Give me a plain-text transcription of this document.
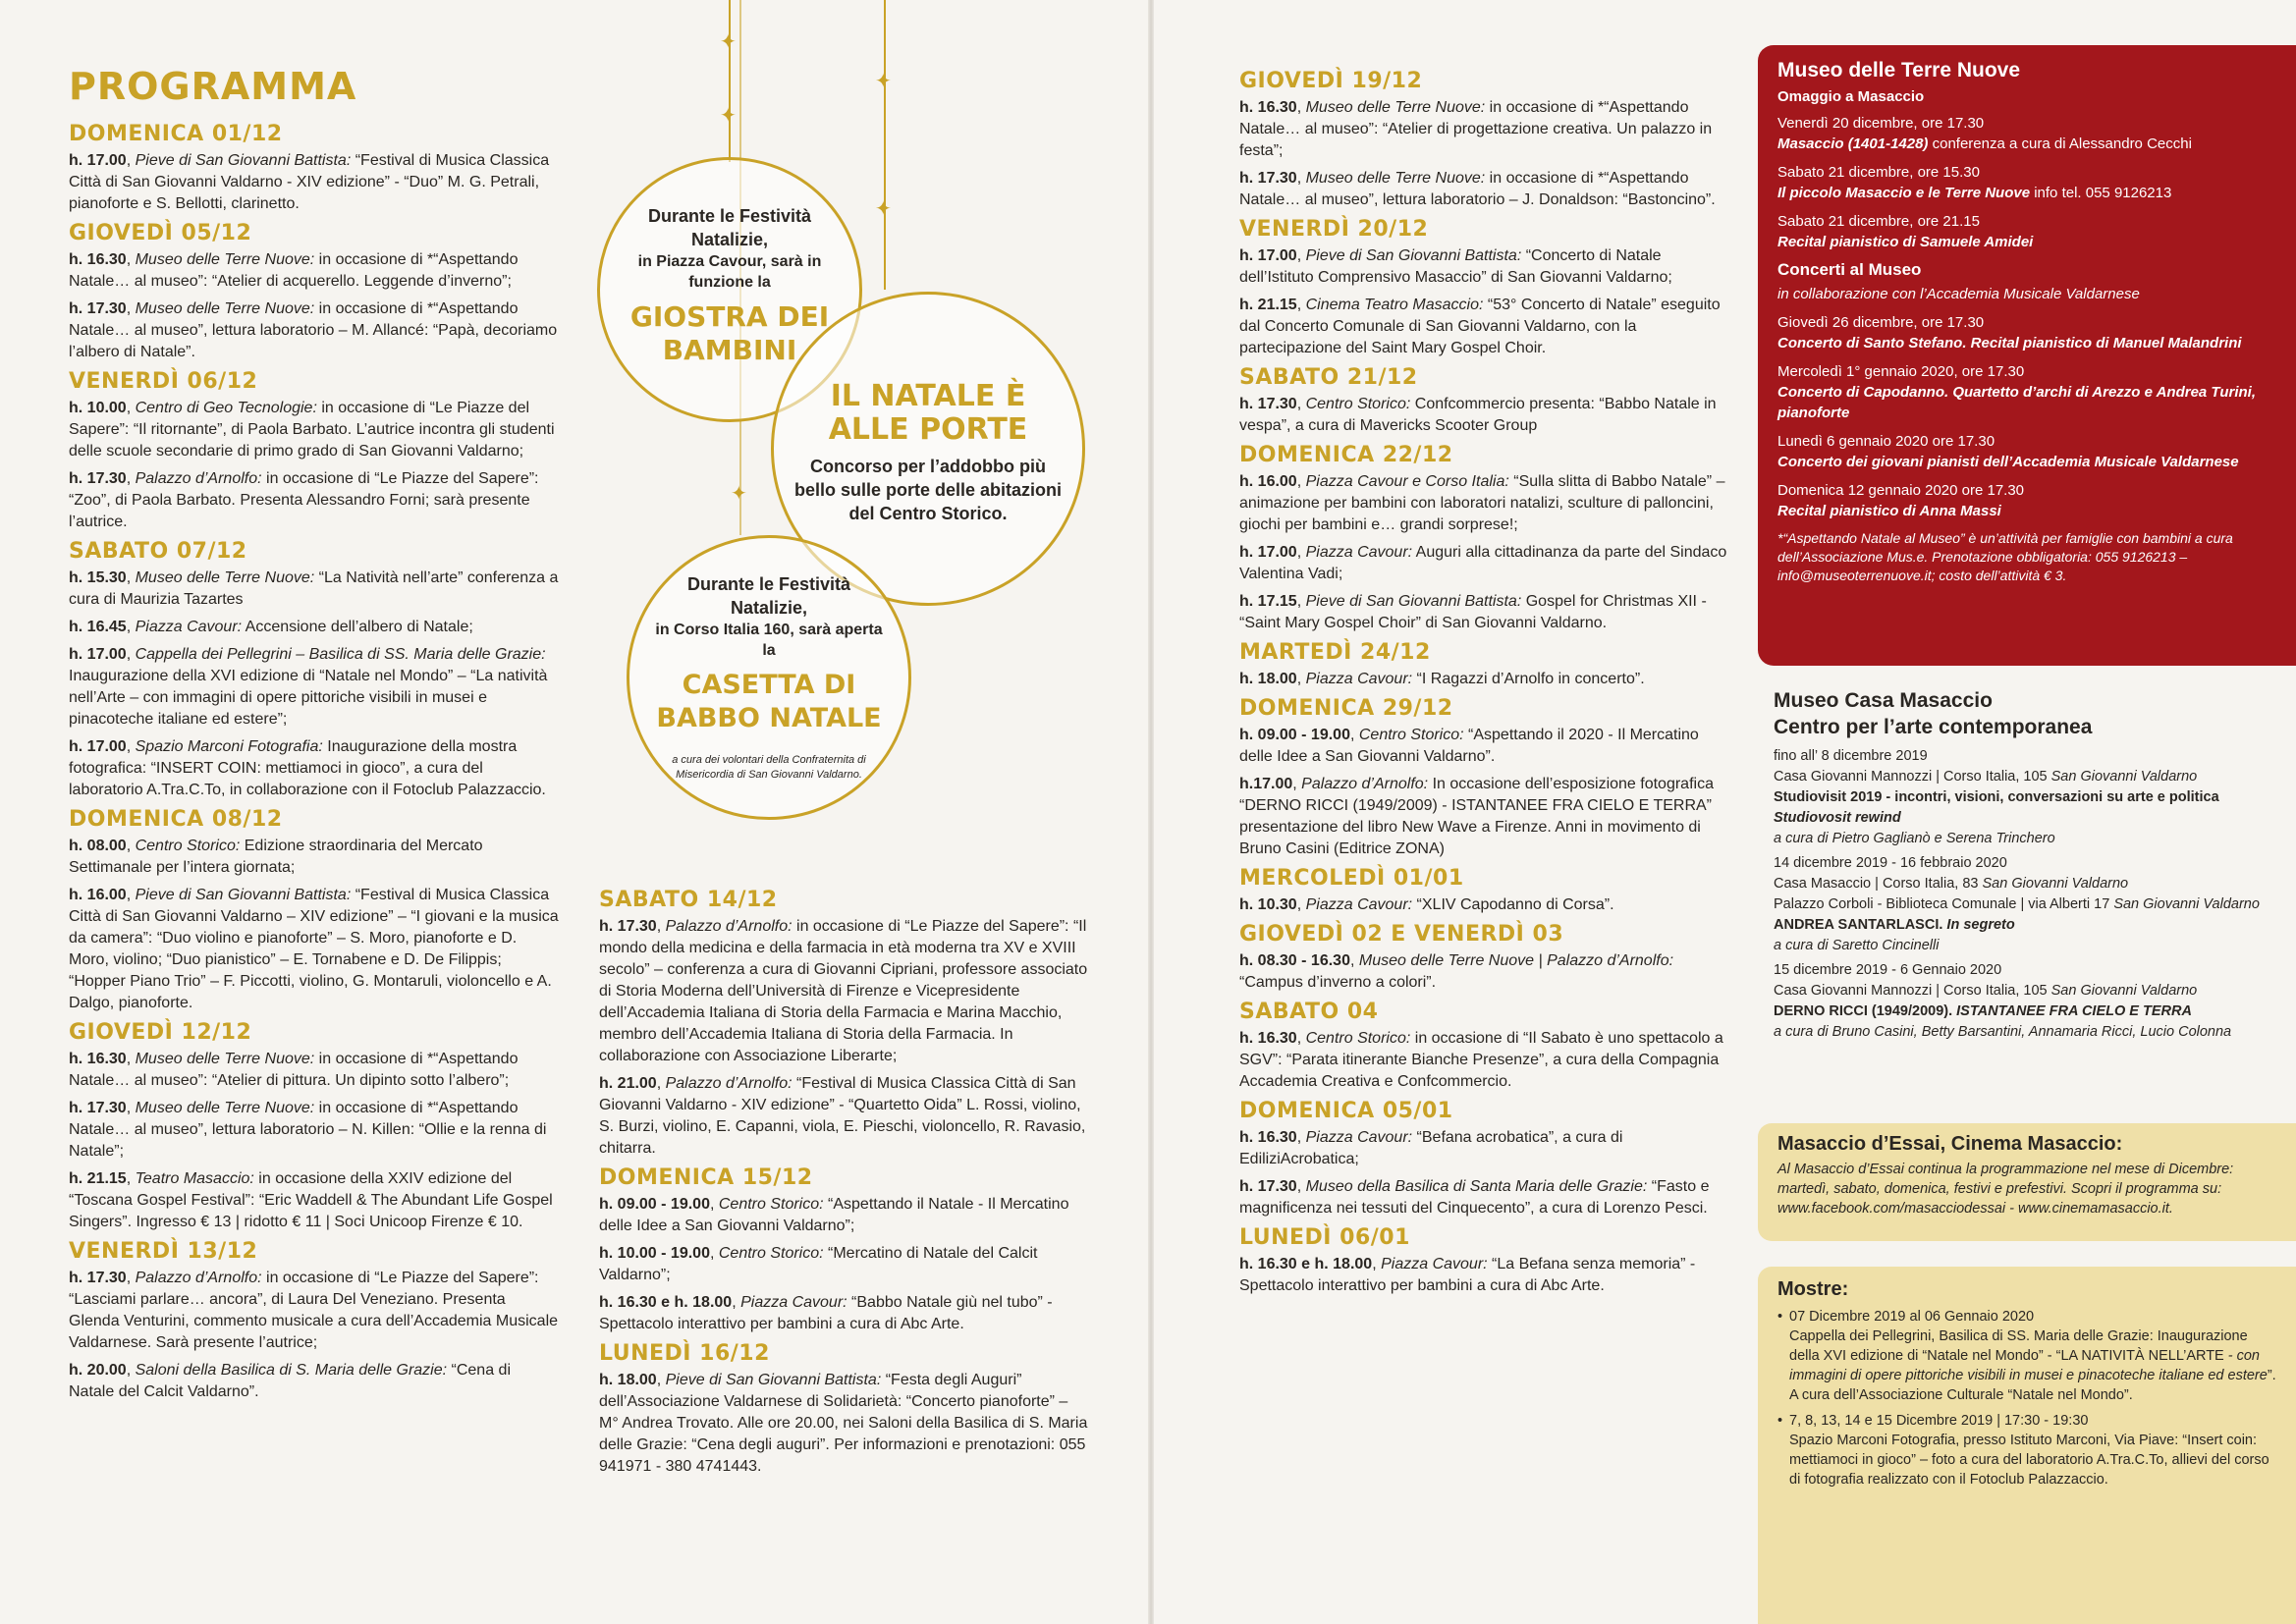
PROGRAMMA
DOMENICA 01/12
h. 17.00, Pieve di San Giovanni Battista: “Festival di Musica Classica Città di San Giovanni Valdarno - XIV edizione” - “Duo” M. G. Petrali, pianoforte e S. Bellotti, clarinetto.
GIOVEDÌ 05/12
h. 16.30, Museo delle Terre Nuove: in occasione di *“Aspettando Natale… al museo”: “Atelier di acquerello. Leggende d’inverno”;
h. 17.30, Museo delle Terre Nuove: in occasione di *“Aspettando Natale… al museo”, lettura laboratorio – M. Allancé: “Papà, decoriamo l’albero di Natale”.
VENERDÌ 06/12
h. 10.00, Centro di Geo Tecnologie: in occasione di “Le Piazze del Sapere”: “Il ritornante”, di Paola Barbato. L’autrice incontra gli studenti delle scuole secondarie di primo grado di San Giovanni Valdarno;
h. 17.30, Palazzo d’Arnolfo: in occasione di “Le Piazze del Sapere”: “Zoo”, di Paola Barbato. Presenta Alessandro Forni; sarà presente l’autrice.
SABATO 07/12
h. 15.30, Museo delle Terre Nuove: “La Natività nell’arte” conferenza a cura di Maurizia Tazartes
h. 16.45, Piazza Cavour: Accensione dell’albero di Natale;
h. 17.00, Cappella dei Pellegrini – Basilica di SS. Maria delle Grazie: Inaugurazione della XVI edizione di “Natale nel Mondo” – “La natività nell’Arte – con immagini di opere pittoriche visibili in musei e pinacoteche italiane ed estere”;
h. 17.00, Spazio Marconi Fotografia: Inaugurazione della mostra fotografica: “INSERT COIN: mettiamoci in gioco”, a cura del laboratorio A.Tra.C.To, in collaborazione con il Fotoclub Palazzaccio.
DOMENICA 08/12
h. 08.00, Centro Storico: Edizione straordinaria del Mercato Settimanale per l’intera giornata;
h. 16.00, Pieve di San Giovanni Battista: “Festival di Musica Classica Città di San Giovanni Valdarno – XIV edizione” – “I giovani e la musica da camera”: “Duo violino e pianoforte” – S. Moro, pianoforte e D. Moro, violino; “Duo pianistico” – E. Tornabene e D. De Filippis; “Hopper Piano Trio” – F. Piccotti, violino, G. Montaruli, violoncello e A. Dalgo, pianoforte.
GIOVEDÌ 12/12
h. 16.30, Museo delle Terre Nuove: in occasione di *“Aspettando Natale… al museo”: “Atelier di pittura. Un dipinto sotto l’albero”;
h. 17.30, Museo delle Terre Nuove: in occasione di *“Aspettando Natale… al museo”, lettura laboratorio – N. Killen: “Ollie e la renna di Natale”;
h. 21.15, Teatro Masaccio: in occasione della XXIV edizione del “Toscana Gospel Festival”: “Eric Waddell & The Abundant Life Gospel Singers”. Ingresso € 13 | ridotto € 11 | Soci Unicoop Firenze € 10.
VENERDÌ 13/12
h. 17.30, Palazzo d’Arnolfo: in occasione di “Le Piazze del Sapere”: “Lasciami parlare… ancora”, di Laura Del Veneziano. Presenta Glenda Venturini, commento musicale a cura dell’Accademia Musicale Valdarnese. Sarà presente l’autrice;
h. 20.00, Saloni della Basilica di S. Maria delle Grazie: “Cena di Natale del Calcit Valdarno”.
✦
✦
✦
✦
✦
Durante le Festività Natalizie,
in Piazza Cavour, sarà in funzione la
GIOSTRA DEI BAMBINI
IL NATALE È ALLE PORTE
Concorso per l’addobbo più bello sulle porte delle abitazioni del Centro Storico.
Durante le Festività Natalizie,
in Corso Italia 160, sarà aperta la
CASETTA DI BABBO NATALE
a cura dei volontari della Confraternita di Misericordia di San Giovanni Valdarno.
SABATO 14/12
h. 17.30, Palazzo d’Arnolfo: in occasione di “Le Piazze del Sapere”: “Il mondo della medicina e della farmacia in età moderna tra XV e XVIII secolo” – conferenza a cura di Giovanni Cipriani, professore associato di Storia Moderna dell’Università di Firenze e Vicepresidente dell’Accademia Italiana di Storia della Farmacia e Marina Macchio, membro dell’Accademia Italiana di Storia della Farmacia. In collaborazione con Associazione Liberarte;
h. 21.00, Palazzo d’Arnolfo: “Festival di Musica Classica Città di San Giovanni Valdarno - XIV edizione” - “Quartetto Oida” L. Rossi, violino, S. Burzi, violino, E. Capanni, viola, E. Pieschi, violoncello, R. Ravasio, chitarra.
DOMENICA 15/12
h. 09.00 - 19.00, Centro Storico: “Aspettando il Natale - Il Mercatino delle Idee a San Giovanni Valdarno”;
h. 10.00 - 19.00, Centro Storico: “Mercatino di Natale del Calcit Valdarno”;
h. 16.30 e h. 18.00, Piazza Cavour: “Babbo Natale giù nel tubo” - Spettacolo interattivo per bambini a cura di Abc Arte.
LUNEDÌ 16/12
h. 18.00, Pieve di San Giovanni Battista: “Festa degli Auguri” dell’Associazione Valdarnese di Solidarietà: “Concerto pianoforte” – M° Andrea Trovato. Alle ore 20.00, nei Saloni della Basilica di S. Maria delle Grazie: “Cena degli auguri”. Per informazioni e prenotazioni: 055 941971 - 380 4741443.
GIOVEDÌ 19/12
h. 16.30, Museo delle Terre Nuove: in occasione di *“Aspettando Natale… al museo”: “Atelier di progettazione creativa. Un palazzo in festa”;
h. 17.30, Museo delle Terre Nuove: in occasione di *“Aspettando Natale… al museo”, lettura laboratorio – J. Donaldson: “Bastoncino”.
VENERDÌ 20/12
h. 17.00, Pieve di San Giovanni Battista: “Concerto di Natale dell’Istituto Comprensivo Masaccio” di San Giovanni Valdarno;
h. 21.15, Cinema Teatro Masaccio: “53° Concerto di Natale” eseguito dal Concerto Comunale di San Giovanni Valdarno, con la partecipazione del Saint Mary Gospel Choir.
SABATO 21/12
h. 17.30, Centro Storico: Confcommercio presenta: “Babbo Natale in vespa”, a cura di Mavericks Scooter Group
DOMENICA 22/12
h. 16.00, Piazza Cavour e Corso Italia: “Sulla slitta di Babbo Natale” – animazione per bambini con laboratori natalizi, sculture di palloncini, giochi per bambini e… grandi sorprese!;
h. 17.00, Piazza Cavour: Auguri alla cittadinanza da parte del Sindaco Valentina Vadi;
h. 17.15, Pieve di San Giovanni Battista: Gospel for Christmas XII - “Saint Mary Gospel Choir” di San Giovanni Valdarno.
MARTEDÌ 24/12
h. 18.00, Piazza Cavour: “I Ragazzi d’Arnolfo in concerto”.
DOMENICA 29/12
h. 09.00 - 19.00, Centro Storico: “Aspettando il 2020 - Il Mercatino delle Idee a San Giovanni Valdarno”.
h.17.00, Palazzo d’Arnolfo: In occasione dell’esposizione fotografica “DERNO RICCI (1949/2009) - ISTANTANEE FRA CIELO E TERRA” presentazione del libro New Wave a Firenze. Anni in movimento di Bruno Casini (Editrice ZONA)
MERCOLEDÌ 01/01
h. 10.30, Piazza Cavour: “XLIV Capodanno di Corsa”.
GIOVEDÌ 02 E VENERDÌ 03
h. 08.30 - 16.30, Museo delle Terre Nuove | Palazzo d’Arnolfo: “Campus d’inverno a colori”.
SABATO 04
h. 16.30, Centro Storico: in occasione di “Il Sabato è uno spettacolo a SGV”: “Parata itinerante Bianche Presenze”, a cura della Compagnia Accademia Creativa e Confcommercio.
DOMENICA 05/01
h. 16.30, Piazza Cavour: “Befana acrobatica”, a cura di EdiliziAcrobatica;
h. 17.30, Museo della Basilica di Santa Maria delle Grazie: “Fasto e magnificenza nei tessuti del Cinquecento”, a cura di Lorenzo Pesci.
LUNEDÌ 06/01
h. 16.30 e h. 18.00, Piazza Cavour: “La Befana senza memoria” - Spettacolo interattivo per bambini a cura di Abc Arte.
Museo delle Terre Nuove
Omaggio a Masaccio
Venerdì 20 dicembre, ore 17.30
Masaccio (1401-1428) conferenza a cura di Alessandro Cecchi
Sabato 21 dicembre, ore 15.30
Il piccolo Masaccio e le Terre Nuove info tel. 055 9126213
Sabato 21 dicembre, ore 21.15
Recital pianistico di Samuele Amidei
Concerti al Museo
in collaborazione con l’Accademia Musicale Valdarnese
Giovedì 26 dicembre, ore 17.30
Concerto di Santo Stefano. Recital pianistico di Manuel Malandrini
Mercoledì 1° gennaio 2020, ore 17.30
Concerto di Capodanno. Quartetto d’archi di Arezzo e Andrea Turini, pianoforte
Lunedì 6 gennaio 2020 ore 17.30
Concerto dei giovani pianisti dell’Accademia Musicale Valdarnese
Domenica 12 gennaio 2020 ore 17.30
Recital pianistico di Anna Massi
*“Aspettando Natale al Museo” è un’attività per famiglie con bambini a cura dell’Associazione Mus.e. Prenotazione obbligatoria: 055 9126213 – info@museoterrenuove.it; costo dell’attività € 3.
Museo Casa Masaccio
Centro per l’arte contemporanea
fino all’ 8 dicembre 2019
Casa Giovanni Mannozzi | Corso Italia, 105 San Giovanni Valdarno
Studiovisit 2019 - incontri, visioni, conversazioni su arte e politica
Studiovosit rewind
a cura di Pietro Gaglianò e Serena Trinchero
14 dicembre 2019 - 16 febbraio 2020
Casa Masaccio | Corso Italia, 83 San Giovanni Valdarno
Palazzo Corboli - Biblioteca Comunale | via Alberti 17 San Giovanni Valdarno
ANDREA SANTARLASCI. In segreto
a cura di Saretto Cincinelli
15 dicembre 2019 - 6 Gennaio 2020
Casa Giovanni Mannozzi | Corso Italia, 105 San Giovanni Valdarno
DERNO RICCI (1949/2009). ISTANTANEE FRA CIELO E TERRA
a cura di Bruno Casini, Betty Barsantini, Annamaria Ricci, Lucio Colonna
Masaccio d’Essai, Cinema Masaccio:
Al Masaccio d’Essai continua la programmazione nel mese di Dicembre: martedì, sabato, domenica, festivi e prefestivi. Scopri il programma su: www.facebook.com/masacciodessai - www.cinemamasaccio.it.
Mostre:
• 07 Dicembre 2019 al 06 Gennaio 2020
Cappella dei Pellegrini, Basilica di SS. Maria delle Grazie: Inaugurazione della XVI edizione di “Natale nel Mondo” - “LA NATIVITÀ NELL’ARTE - con immagini di opere pittoriche visibili in musei e pinacoteche italiane ed estere”. A cura dell’Associazione Culturale “Natale nel Mondo”.
• 7, 8, 13, 14 e 15 Dicembre 2019 | 17:30 - 19:30
Spazio Marconi Fotografia, presso Istituto Marconi, Via Piave: “Insert coin: mettiamoci in gioco” – foto a cura del laboratorio A.Tra.C.To, allievi del corso di fotografia realizzato con il Fotoclub Palazzaccio.
